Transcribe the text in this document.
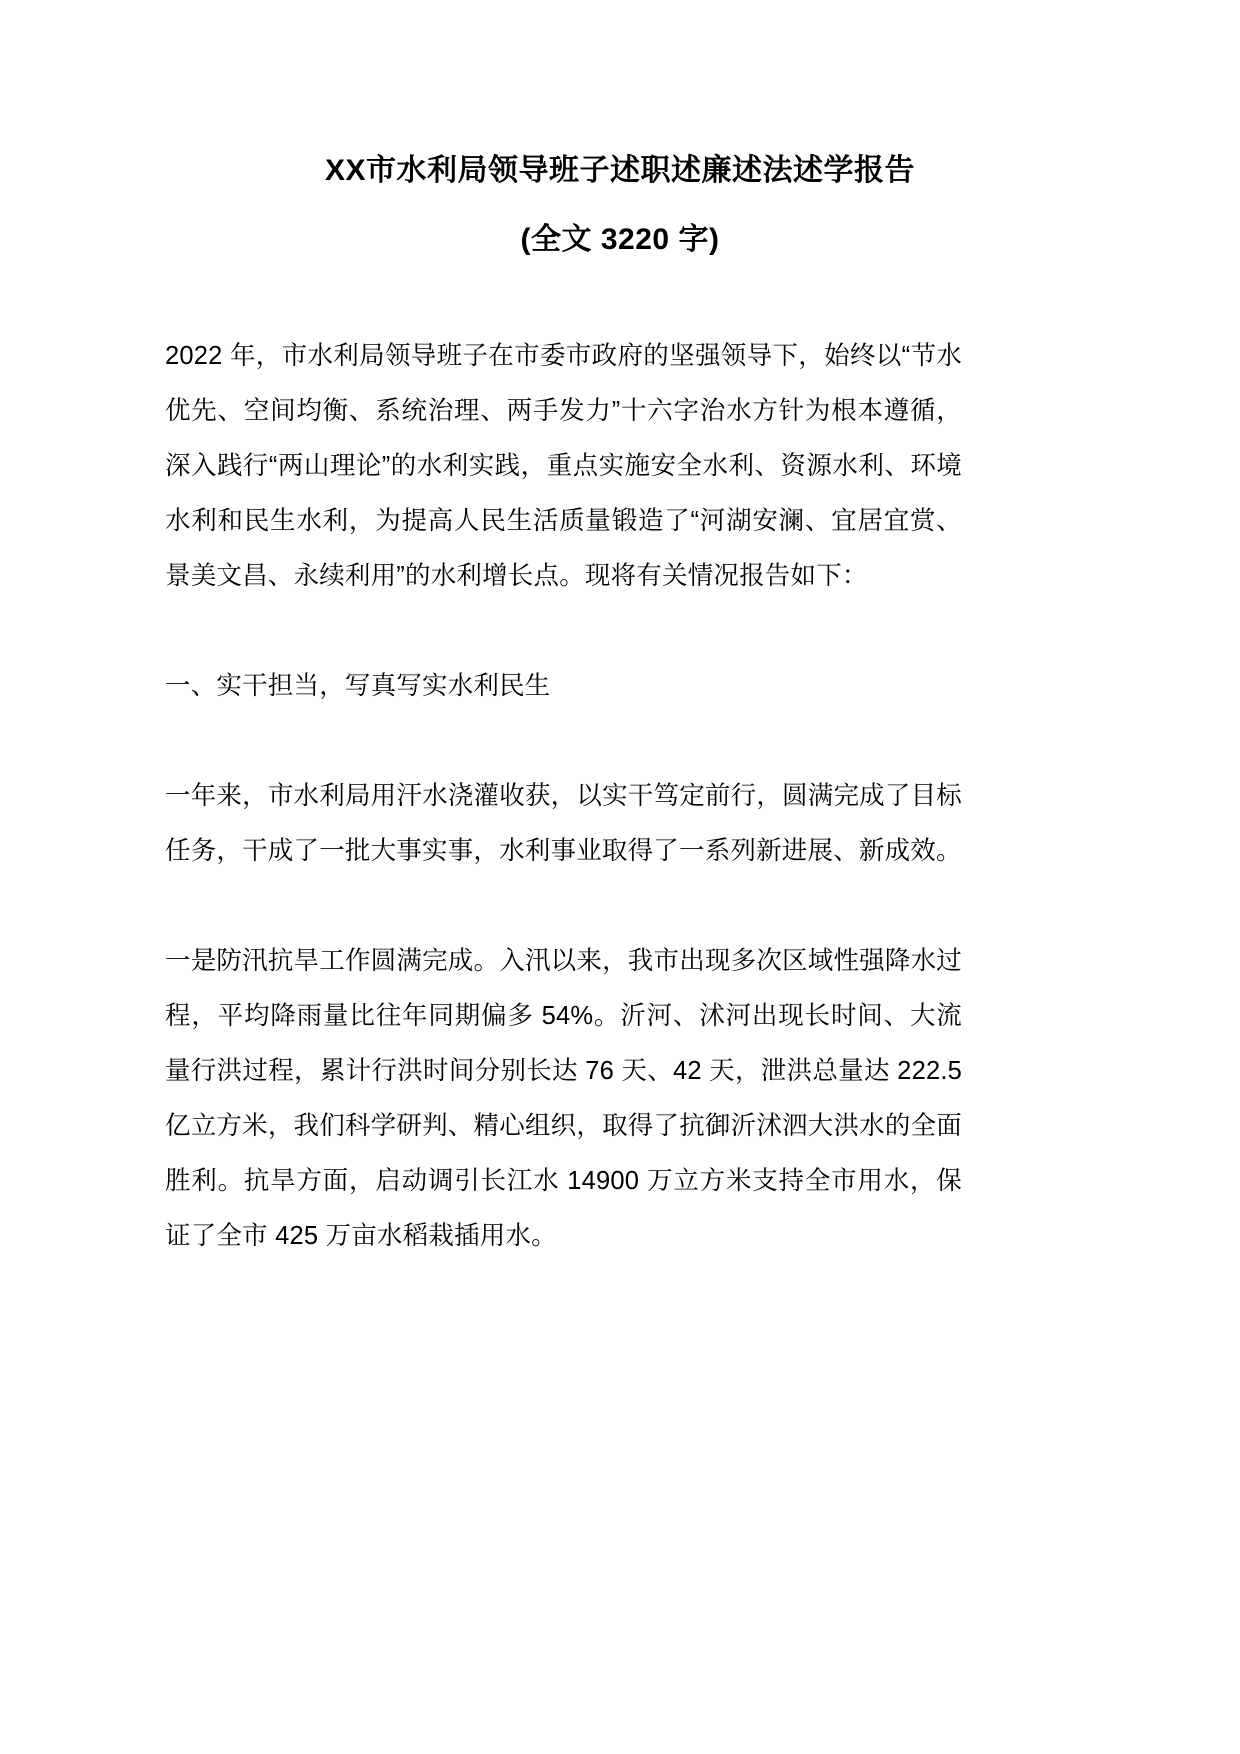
XX市水利局领导班子述职述廉述法述学报告
(全文 3220 字)

2022 年，市水利局领导班子在市委市政府的坚强领导下，始终以“节水优先、空间均衡、系统治理、两手发力”十六字治水方针为根本遵循，深入践行“两山理论”的水利实践，重点实施安全水利、资源水利、环境水利和民生水利，为提高人民生活质量锻造了“河湖安澜、宜居宜赏、景美文昌、永续利用”的水利增长点。现将有关情况报告如下：

一、实干担当，写真写实水利民生

一年来，市水利局用汗水浇灌收获，以实干笃定前行，圆满完成了目标任务，干成了一批大事实事，水利事业取得了一系列新进展、新成效。

一是防汛抗旱工作圆满完成。入汛以来，我市出现多次区域性强降水过程，平均降雨量比往年同期偏多 54%。沂河、沭河出现长时间、大流量行洪过程，累计行洪时间分别长达 76 天、42 天，泄洪总量达 222.5 亿立方米，我们科学研判、精心组织，取得了抗御沂沭泗大洪水的全面胜利。抗旱方面，启动调引长江水 14900 万立方米支持全市用水，保证了全市 425 万亩水稻栽插用水。
